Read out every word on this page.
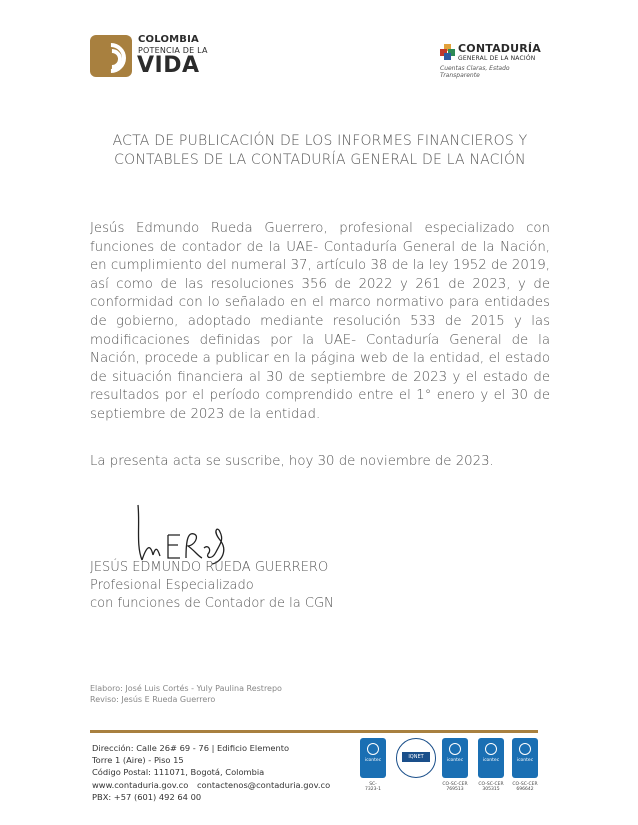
COLOMBIA
POTENCIA DE LA
VIDA
CONTADURÍA
GENERAL DE LA NACIÓN
Cuentas Claras, Estado Transparente
ACTA DE PUBLICACIÓN DE LOS INFORMES FINANCIEROS Y
CONTABLES DE LA CONTADURÍA GENERAL DE LA NACIÓN
Jesús Edmundo Rueda Guerrero, profesional especializado con funciones de contador de la UAE- Contaduría General de la Nación, en cumplimiento del numeral 37, artículo 38 de la ley 1952 de 2019, así como de las resoluciones 356 de 2022 y 261 de 2023, y de conformidad con lo señalado en el marco normativo para entidades de gobierno, adoptado mediante resolución 533 de 2015 y las modificaciones definidas por la UAE- Contaduría General de la Nación, procede a publicar en la página web de la entidad, el estado de situación financiera al 30 de septiembre de 2023 y el estado de resultados por el período comprendido entre el 1° enero y el 30 de septiembre de 2023 de la entidad.
La presenta acta se suscribe, hoy 30 de noviembre de 2023.
JESÚS EDMUNDO RUEDA GUERRERO
Profesional Especializado
con funciones de Contador de la CGN
Elaboro: José Luis Cortés - Yuly Paulina Restrepo
Reviso: Jesús E Rueda Guerrero
Dirección: Calle 26# 69 - 76 | Edificio Elemento
Torre 1 (Aire) - Piso 15
Código Postal: 111071, Bogotá, Colombia
www.contaduria.gov.co contactenos@contaduria.gov.co
PBX: +57 (601) 492 64 00
icontec
SC-
7323-1
IQNET
icontec
CO-SC-CER
769513
icontec
CO-SC-CER
305315
icontec
CO-SC-CER
696642
